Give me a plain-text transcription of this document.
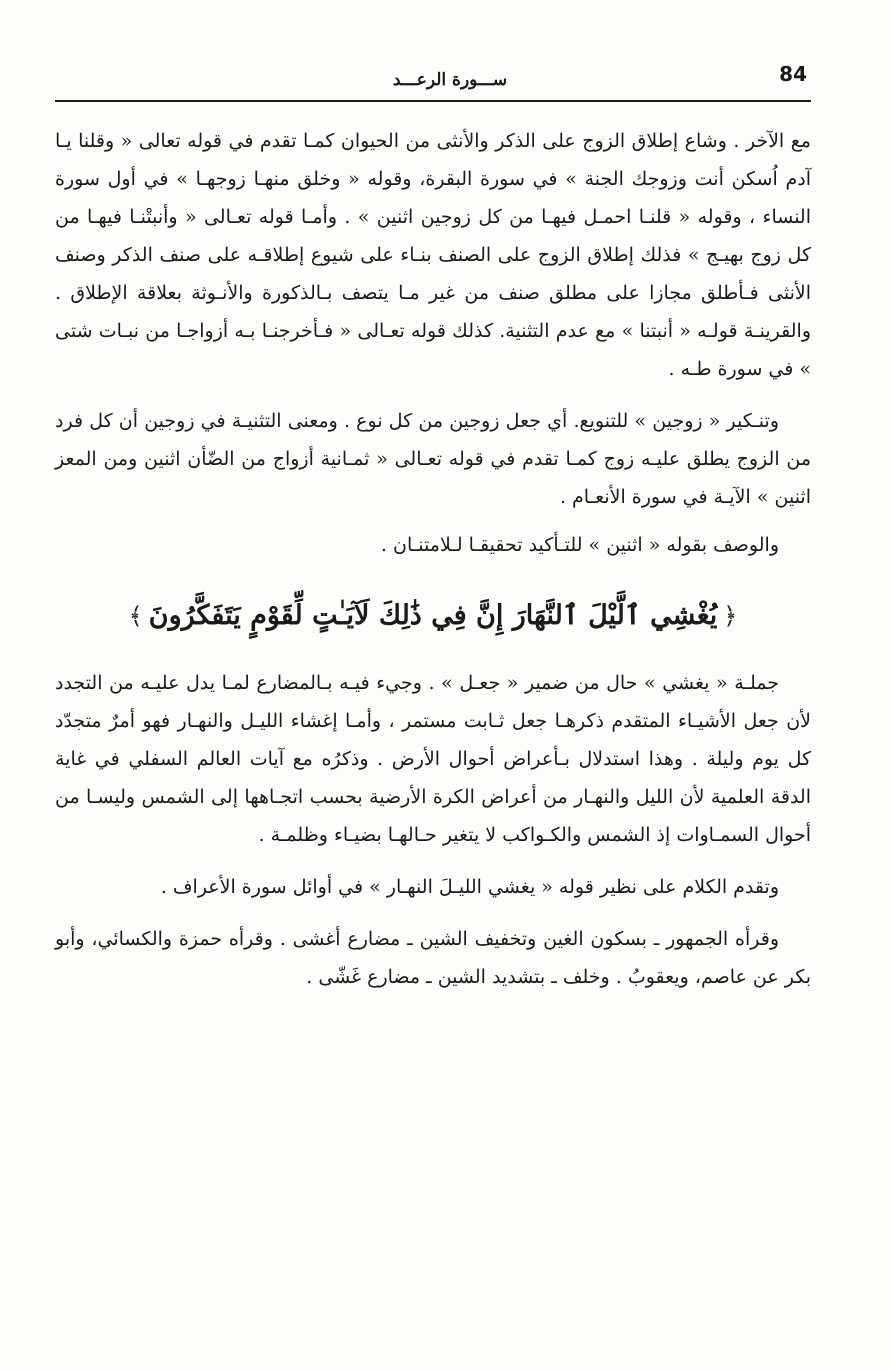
84
ســـورة الرعـــد

مع الآخر . وشاع إطلاق الزوج على الذكر والأنثى من الحيوان كمـا تقدم في قوله تعالى « وقلنا يـا آدم اُسكن أنت وزوجك الجنة » في سورة البقرة، وقوله « وخلق منهـا زوجهـا » في أول سورة النساء ، وقوله « قلنـا احمـل فيهـا من كل زوجين اثنين » . وأمـا قوله تعـالى « وأنبتْنـا فيهـا من كل زوج بهيـج » فذلك إطلاق الزوج على الصنف بنـاء على شيوع إطلاقـه على صنف الذكر وصنف الأنثى فـأطلق مجازا على مطلق صنف من غير مـا يتصف بـالذكورة والأنـوثة بعلاقة الإطلاق . والقرينـة قولـه « أنبتنا » مع عدم التثنية. كذلك قوله تعـالى « فـأخرجنـا بـه أزواجـا من نبـات شتى » في سورة طـه .

وتنـكير « زوجين » للتنويع. أي جعل زوجين من كل نوع . ومعنى التثنيـة في زوجين أن كل فرد من الزوج يطلق عليـه زوج كمـا تقدم في قوله تعـالى « ثمـانية أزواج من الضّأن اثنين ومن المعز اثنين » الآيـة في سورة الأنعـام .

والوصف بقوله « اثنين » للتـأكيد تحقيقـا لـلامتنـان .

﴿يُغْشِي ٱلَّيْلَ ٱلنَّهَارَ إِنَّ فِي ذَٰلِكَ لَآيَـٰتٍ لِّقَوْمٍ يَتَفَكَّرُونَ﴾

جملـة « يغشي » حال من ضمير « جعـل » . وجيء فيـه بـالمضارع لمـا يدل عليـه من التجدد لأن جعل الأشيـاء المتقدم ذكرهـا جعل ثـابت مستمر ، وأمـا إغشاء الليـل والنهـار فهو أمرٌ متجدّد كل يوم وليلة . وهذا استدلال بـأعراض أحوال الأرض . وذكرُه مع آيات العالم السفلي في غاية الدقة العلمية لأن الليل والنهـار من أعراض الكرة الأرضية بحسب اتجـاهها إلى الشمس وليسـا من أحوال السمـاوات إذ الشمس والكـواكب لا يتغير حـالهـا بضيـاء وظلمـة .

وتقدم الكلام على نظير قوله « يغشي الليـلَ النهـار » في أوائل سورة الأعراف .

وقرأه الجمهور ـ بسكون الغين وتخفيف الشين ـ مضارع أغشى . وقرأه حمزة والكسائي، وأبو بكر عن عاصم، ويعقوبُ . وخلف ـ بتشديد الشين ـ مضارع غَشّى .
